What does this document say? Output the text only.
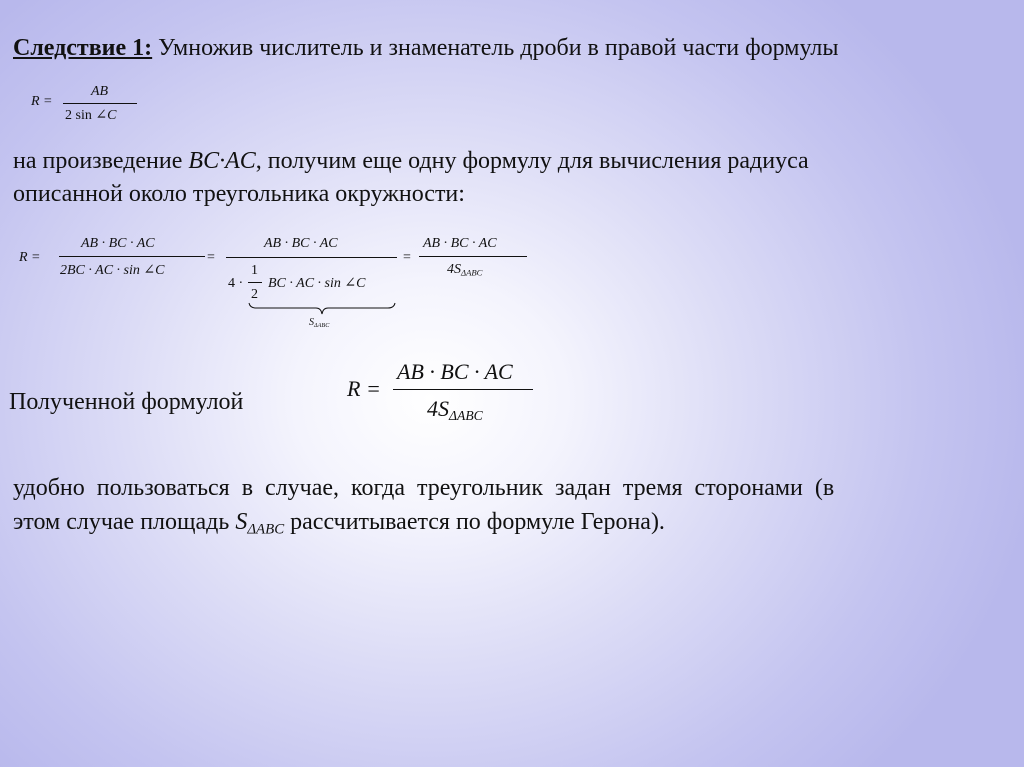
Следствие 1: Умножив числитель и знаменатель дроби в правой части формулы
R =
AB
2 sin ∠C
на произведение BC·AC, получим еще одну формулу для вычисления радиуса
описанной около треугольника окружности:
R =
AB · BC · AC
2BC · AC · sin ∠C
=
AB · BC · AC
4 ·
1
2
BC · AC · sin ∠C
$S_{\Delta ABC}$
=
AB · BC · AC
$4S_{\Delta ABC}$
Полученной формулой
R =
AB · BC · AC
$4S_{\Delta ABC}$
удобно пользоваться в случае, когда треугольник задан тремя сторонами (в
этом случае площадь $S_{\Delta ABC}$ рассчитывается по формуле Герона).
